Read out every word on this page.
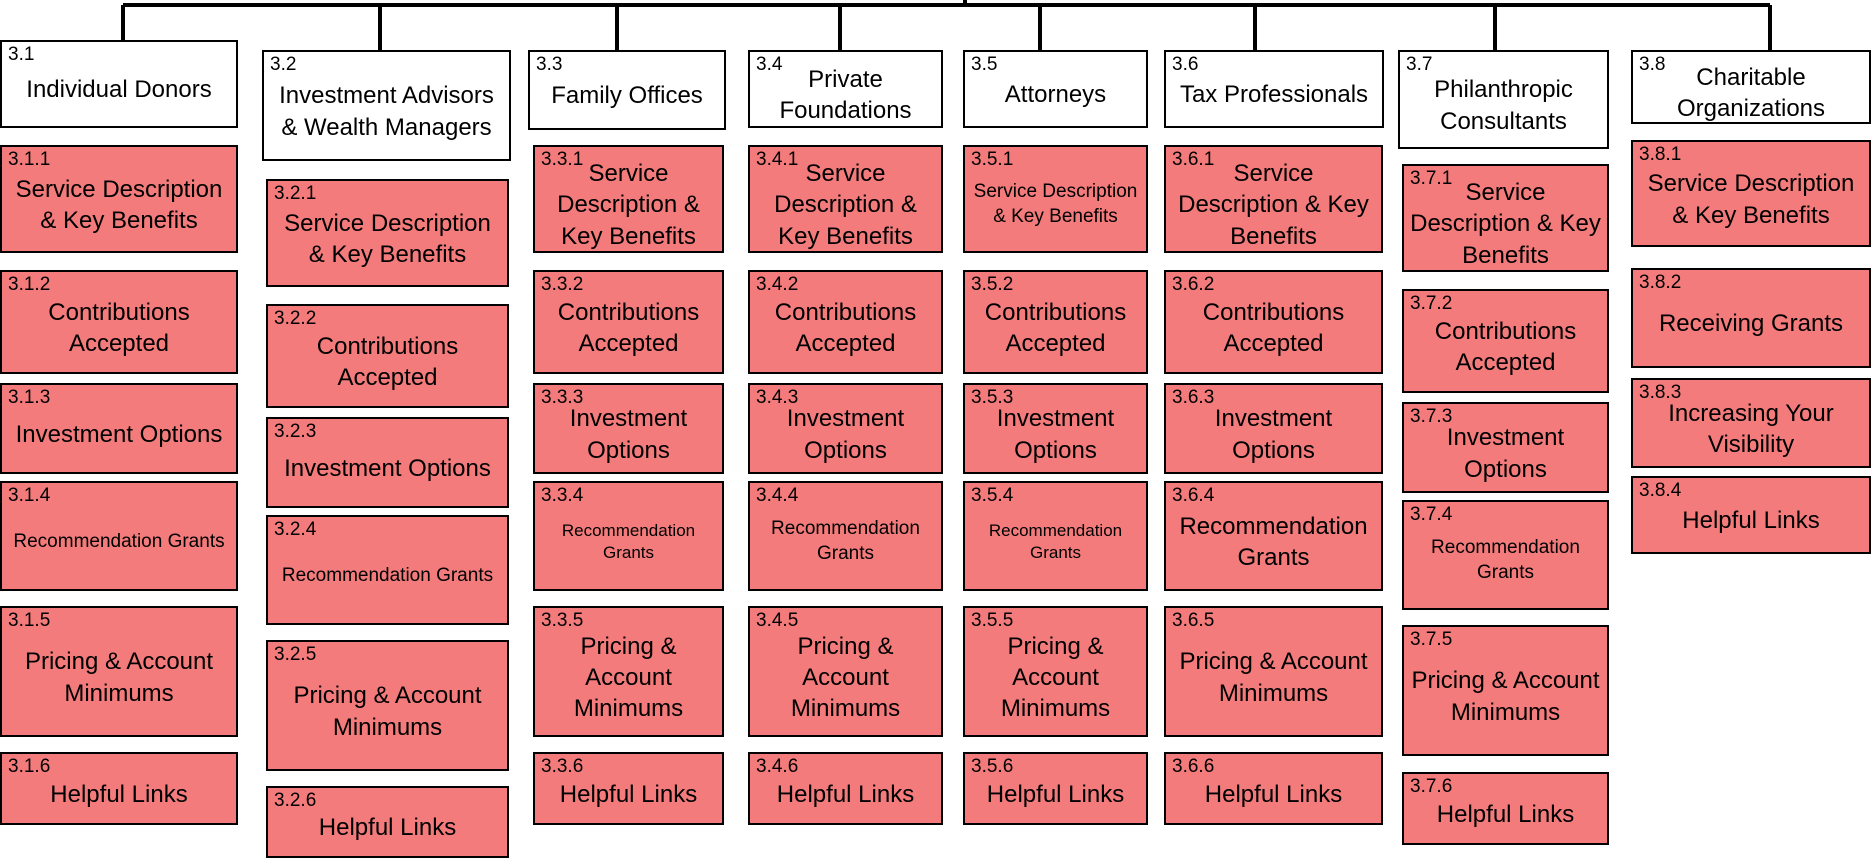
3.1
Individual Donors
3.1.1
Service Description & Key Benefits
3.1.2
Contributions Accepted
3.1.3
Investment Options
3.1.4
Recommendation Grants
3.1.5
Pricing & Account Minimums
3.1.6
Helpful Links
3.2
Investment Advisors & Wealth Managers
3.2.1
Service Description & Key Benefits
3.2.2
Contributions Accepted
3.2.3
Investment Options
3.2.4
Recommendation Grants
3.2.5
Pricing & Account Minimums
3.2.6
Helpful Links
3.3
Family Offices
3.3.1
Service Description & Key Benefits
3.3.2
Contributions Accepted
3.3.3
Investment Options
3.3.4
Recommendation Grants
3.3.5
Pricing & Account Minimums
3.3.6
Helpful Links
3.4
Private Foundations
3.4.1
Service Description & Key Benefits
3.4.2
Contributions Accepted
3.4.3
Investment Options
3.4.4
Recommendation Grants
3.4.5
Pricing & Account Minimums
3.4.6
Helpful Links
3.5
Attorneys
3.5.1
Service Description & Key Benefits
3.5.2
Contributions Accepted
3.5.3
Investment Options
3.5.4
Recommendation Grants
3.5.5
Pricing & Account Minimums
3.5.6
Helpful Links
3.6
Tax Professionals
3.6.1
Service Description & Key Benefits
3.6.2
Contributions Accepted
3.6.3
Investment Options
3.6.4
Recommendation Grants
3.6.5
Pricing & Account Minimums
3.6.6
Helpful Links
3.7
Philanthropic Consultants
3.7.1
Service Description & Key Benefits
3.7.2
Contributions Accepted
3.7.3
Investment Options
3.7.4
Recommendation Grants
3.7.5
Pricing & Account Minimums
3.7.6
Helpful Links
3.8	Charitable Organizations
3.8.1
Service Description & Key Benefits
3.8.2
Receiving Grants
3.8.3
Increasing Your Visibility
3.8.4
Helpful Links
